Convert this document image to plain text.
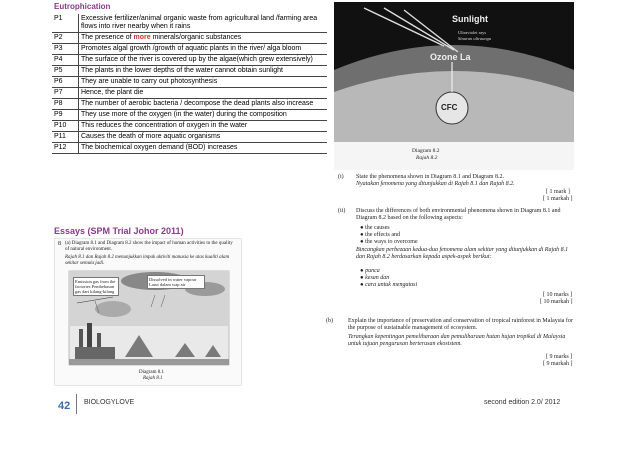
Eutrophication
P1	Excessive fertilizer/animal organic waste from agricultural land /farming area flows into river nearby when it rains
P2	The presence of more minerals/organic substances
P3	Promotes algal growth /growth of aquatic plants in the river/ alga bloom
P4	The surface of the river is covered up by the algae(which grew extensively)
P5	The plants in the lower depths of the water cannot obtain sunlight
P6	They are unable to carry out photosynthesis
P7	Hence, the plant die
P8	The number of aerobic bacteria / decompose the dead plants also increase
P9	They use more of the oxygen (in the water) during the composition
P10	This reduces the concentration of oxygen in the water
P11	Causes the death of more aquatic organisms
P12	The biochemical oxygen demand (BOD) increases
Essays (SPM Trial Johor 2011)
8 (a) Diagram 8.1 and Diagram 8.2 show the impact of human activities to the quality of natural environment.
Rajah 8.1 dan Rajah 8.2 menunjukkan impak aktiviti manusia ke atas kualiti alam sekitar semula jadi.
Emission gas from the factories Pembebasan gas dari kilang-kilang
Dissolved in water vapour Larut dalam wap air
Diagram 8.1
Rajah 8.1
Sunlight
Ultraviolet rays
Sinaran ultraungu
Ozone La
CFC
Diagram 8.2
Rajah 8.2
(i) State the phenomena shown in Diagram 8.1 and Diagram 8.2.
Nyatakan fenomena yang ditunjukkan di Rajah 8.1 dan Rajah 8.2.
[ 1 mark ]
[ 1 markah ]
(ii) Discuss the differences of both environmental phenomena shown in Diagram 8.1 and Diagram 8.2 based on the following aspects:
● the causes
● the effects and
● the ways to overcome
Bincangkan perbezaan kedua-dua fenomena alam sekitar yang ditunjukkan di Rajah 8.1 dan Rajah 8.2 berdasarkan kepada aspek-aspek berikut:
● punca
● kesan dan
● cara untuk mengatasi
[ 10 marks ]
[ 10 markah ]
(b)	Explain the importance of preservation and conservation of tropical rainforest in Malaysia for the purpose of sustainable management of ecosystem.
Terangkan kepentingan pemeliharaan dan pemuliharaan hutan hujan tropikal di Malaysia untuk tujuan pengurusan berterusan ekosistem.
[ 9 marks ]
[ 9 markah ]
42 BIOLOGYLOVE	second edition 2.0/ 2012
